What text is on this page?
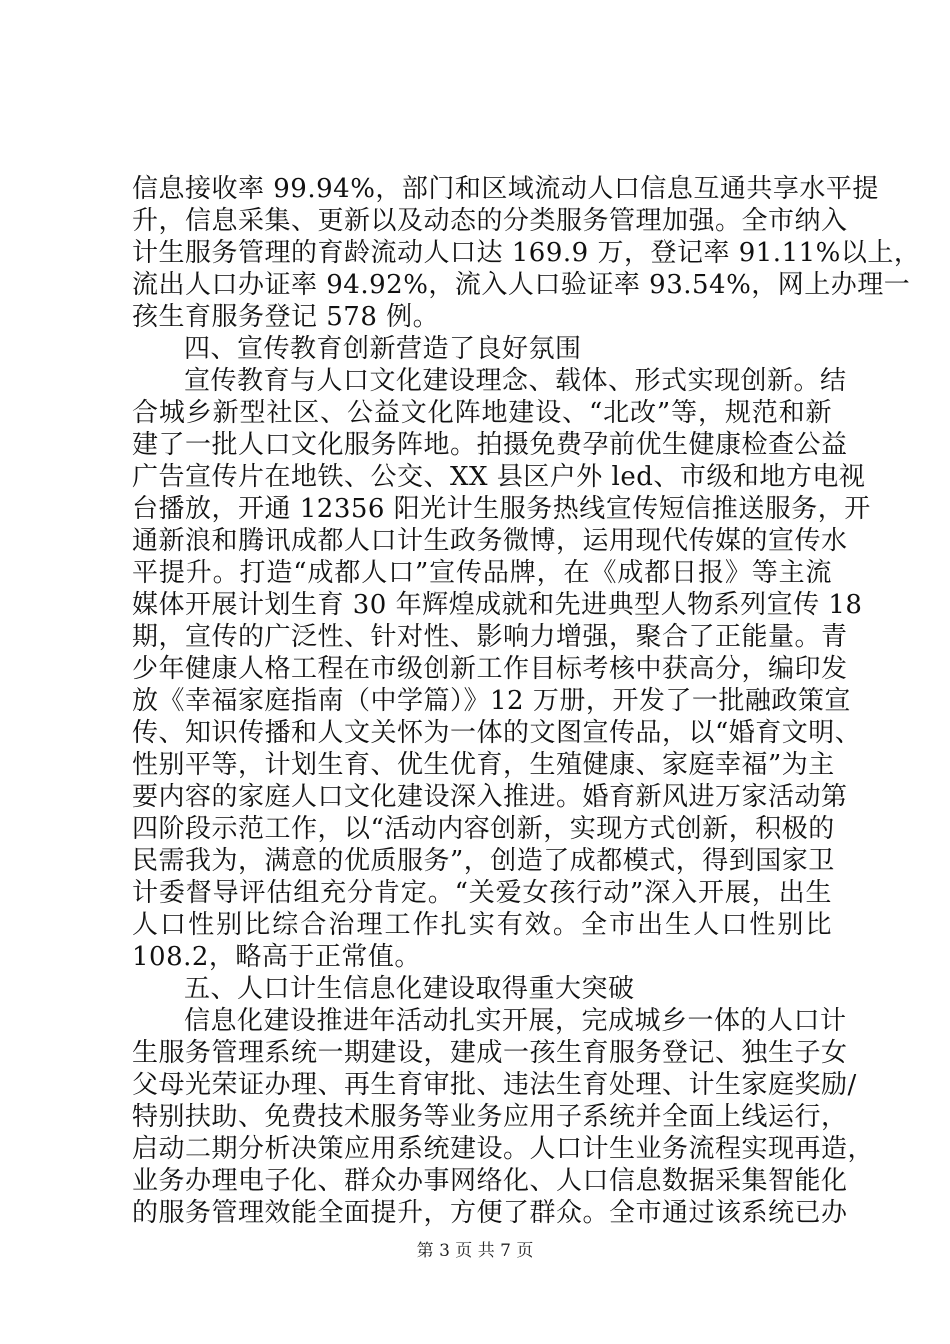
信息接收率 99.94%，部门和区域流动人口信息互通共享水平提
升，信息采集、更新以及动态的分类服务管理加强。全市纳入
计生服务管理的育龄流动人口达 169.9 万，登记率 91.11%以上，
流出人口办证率 94.92%，流入人口验证率 93.54%，网上办理一
孩生育服务登记 578 例。
四、宣传教育创新营造了良好氛围
宣传教育与人口文化建设理念、载体、形式实现创新。结
合城乡新型社区、公益文化阵地建设、“北改”等，规范和新
建了一批人口文化服务阵地。拍摄免费孕前优生健康检查公益
广告宣传片在地铁、公交、XX 县区户外 led、市级和地方电视
台播放，开通 12356 阳光计生服务热线宣传短信推送服务，开
通新浪和腾讯成都人口计生政务微博，运用现代传媒的宣传水
平提升。打造“成都人口”宣传品牌，在《成都日报》等主流
媒体开展计划生育 30 年辉煌成就和先进典型人物系列宣传 18
期，宣传的广泛性、针对性、影响力增强，聚合了正能量。青
少年健康人格工程在市级创新工作目标考核中获高分，编印发
放《幸福家庭指南（中学篇）》12 万册，开发了一批融政策宣
传、知识传播和人文关怀为一体的文图宣传品，以“婚育文明、
性别平等，计划生育、优生优育，生殖健康、家庭幸福”为主
要内容的家庭人口文化建设深入推进。婚育新风进万家活动第
四阶段示范工作，以“活动内容创新，实现方式创新，积极的
民需我为，满意的优质服务”，创造了成都模式，得到国家卫
计委督导评估组充分肯定。“关爱女孩行动”深入开展，出生
人口性别比综合治理工作扎实有效。全市出生人口性别比
108.2，略高于正常值。
五、人口计生信息化建设取得重大突破
信息化建设推进年活动扎实开展，完成城乡一体的人口计
生服务管理系统一期建设，建成一孩生育服务登记、独生子女
父母光荣证办理、再生育审批、违法生育处理、计生家庭奖励/
特别扶助、免费技术服务等业务应用子系统并全面上线运行，
启动二期分析决策应用系统建设。人口计生业务流程实现再造，
业务办理电子化、群众办事网络化、人口信息数据采集智能化
的服务管理效能全面提升，方便了群众。全市通过该系统已办
第 3 页 共 7 页
